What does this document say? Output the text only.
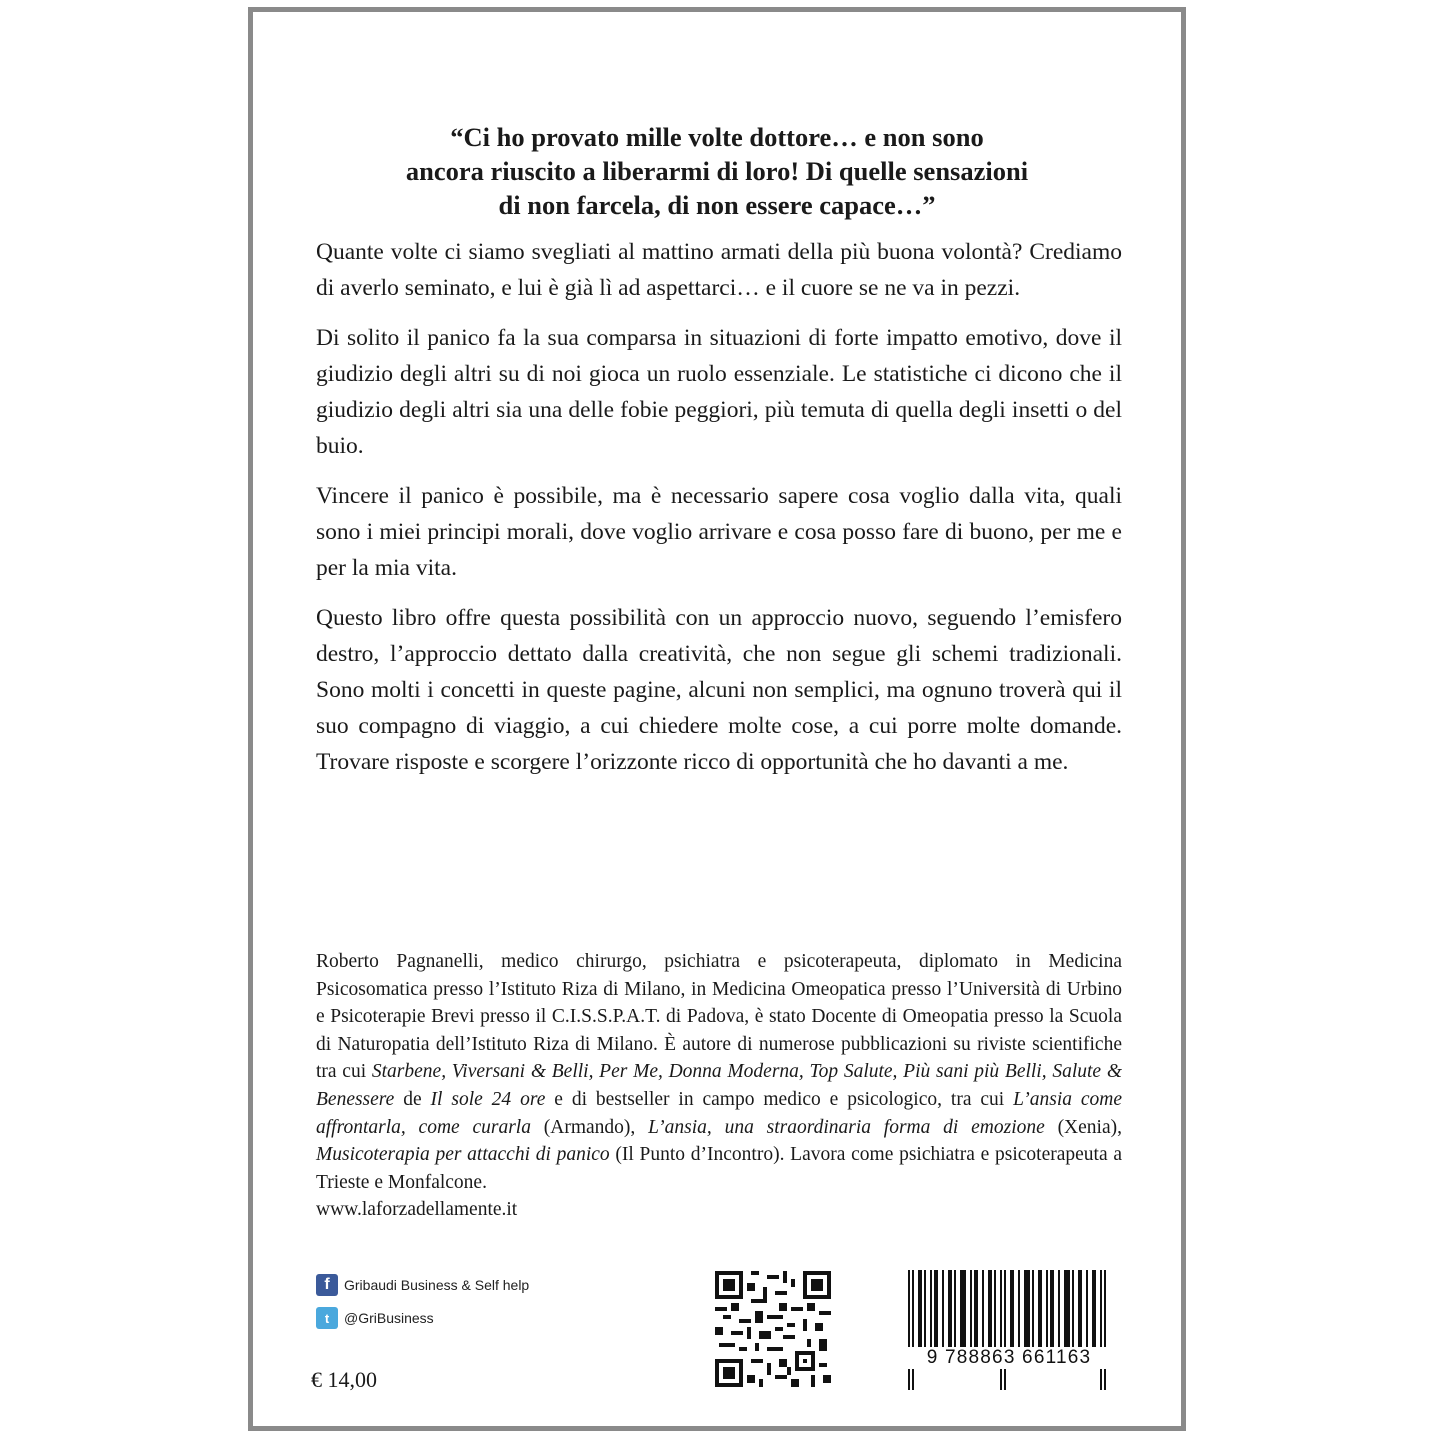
“Ci ho provato mille volte dottore… e non sono
ancora riuscito a liberarmi di loro! Di quelle sensazioni
di non farcela, di non essere capace…”

Quante volte ci siamo svegliati al mattino armati della più buona volontà? Crediamo di averlo seminato, e lui è già lì ad aspettarci… e il cuore se ne va in pezzi.

Di solito il panico fa la sua comparsa in situazioni di forte impatto emotivo, dove il giudizio degli altri su di noi gioca un ruolo essenziale. Le statistiche ci dicono che il giudizio degli altri sia una delle fobie peggiori, più temuta di quella degli insetti o del buio.

Vincere il panico è possibile, ma è necessario sapere cosa voglio dalla vita, quali sono i miei principi morali, dove voglio arrivare e cosa posso fare di buono, per me e per la mia vita.

Questo libro offre questa possibilità con un approccio nuovo, seguendo l’emisfero destro, l’approccio dettato dalla creatività, che non segue gli schemi tradizionali. Sono molti i concetti in queste pagine, alcuni non semplici, ma ognuno troverà qui il suo compagno di viaggio, a cui chiedere molte cose, a cui porre molte domande. Trovare risposte e scorgere l’orizzonte ricco di opportunità che ho davanti a me.

Roberto Pagnanelli, medico chirurgo, psichiatra e psicoterapeuta, diplomato in Medicina Psicosomatica presso l’Istituto Riza di Milano, in Medicina Omeopatica presso l’Università di Urbino e Psicoterapie Brevi presso il C.I.S.S.P.A.T. di Padova, è stato Docente di Omeopatia presso la Scuola di Naturopatia dell’Istituto Riza di Milano. È autore di numerose pubblicazioni su riviste scientifiche tra cui Starbene, Viversani & Belli, Per Me, Donna Moderna, Top Salute, Più sani più Belli, Salute & Benessere de Il sole 24 ore e di bestseller in campo medico e psicologico, tra cui L’ansia come affrontarla, come curarla (Armando), L’ansia, una straordinaria forma di emozione (Xenia), Musicoterapia per attacchi di panico (Il Punto d’Incontro). Lavora come psichiatra e psicoterapeuta a Trieste e Monfalcone.

www.laforzadellamente.it
f	Gribaudi Business & Self help
t	@GriBusiness
€ 14,00
9 788863 661163
